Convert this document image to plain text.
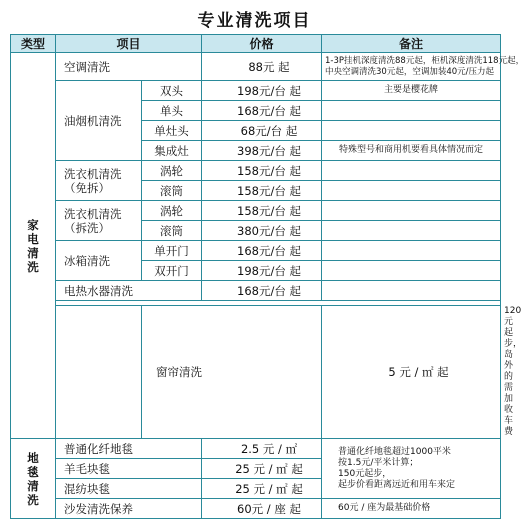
专业清洗项目
类型	项目		价格	备注	

家
电
清
洗	空调清洗		88元 起	1-3P挂机深度清洗88元起，柜机深度清洗118元起，
中央空调清洗30元起，空调加装40元/压力起	

	油烟机清洗	双头	198元/台 起	主要是樱花牌	
		单头	168元/台 起		
		单灶头	68元/台 起		
		集成灶	398元/台 起	特殊型号和商用机要看具体情况而定	

	洗衣机清洗
（免拆）	涡轮	158元/台 起		
		滚筒	158元/台 起		

	洗衣机清洗
（拆洗）	涡轮	158元/台 起		
		滚筒	380元/台 起		
	冰箱清洗	单开门	168元/台 起		
		双开门	198元/台 起		
	电热水器清洗		168元/台 起		

		窗帘清洗		5 元 / ㎡ 起	120元起步，岛外的需加收车费

地
毯
清
洗	普通化纤地毯		2.5 元 / ㎡	普通化纤地毯超过1000平米
按1.5元/平米计算；
150元起步，
起步价看距离远近和用车来定	

	羊毛块毯		25 元 / ㎡ 起		
	混纺块毯		25 元 / ㎡ 起		
	沙发清洗保养		60元 / 座 起	60元 / 座为最基础价格	
